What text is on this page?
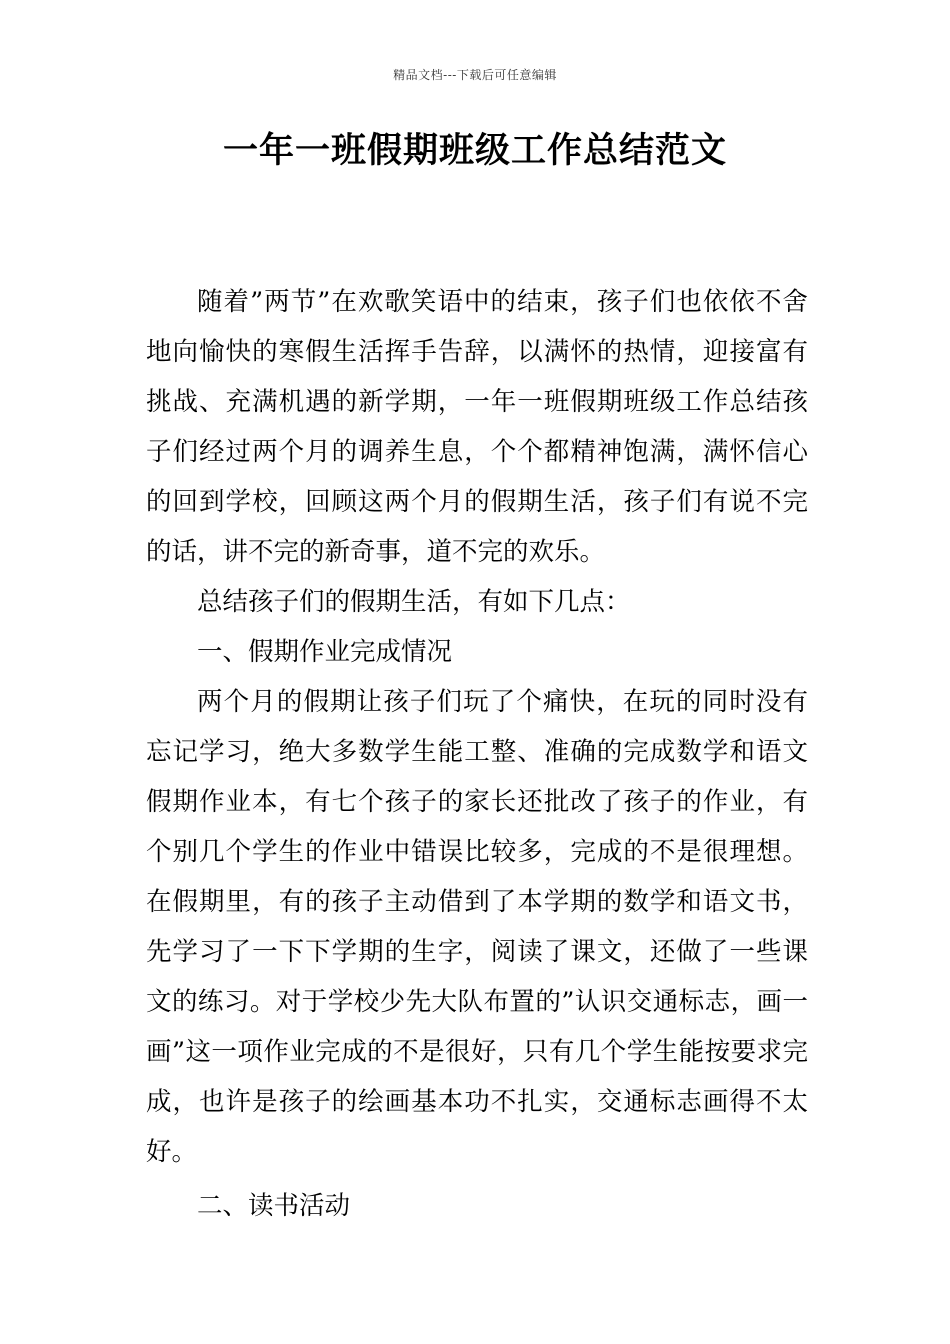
精品文档---下载后可任意编辑
一年一班假期班级工作总结范文

随着”两节”在欢歌笑语中的结束，孩子们也依依不舍地向愉快的寒假生活挥手告辞，以满怀的热情，迎接富有挑战、充满机遇的新学期，一年一班假期班级工作总结孩子们经过两个月的调养生息，个个都精神饱满，满怀信心的回到学校，回顾这两个月的假期生活，孩子们有说不完的话，讲不完的新奇事，道不完的欢乐。

总结孩子们的假期生活，有如下几点：

一、假期作业完成情况

两个月的假期让孩子们玩了个痛快，在玩的同时没有忘记学习，绝大多数学生能工整、准确的完成数学和语文假期作业本，有七个孩子的家长还批改了孩子的作业，有个别几个学生的作业中错误比较多，完成的不是很理想。在假期里，有的孩子主动借到了本学期的数学和语文书，先学习了一下下学期的生字，阅读了课文，还做了一些课文的练习。对于学校少先大队布置的”认识交通标志，画一画”这一项作业完成的不是很好，只有几个学生能按要求完成，也许是孩子的绘画基本功不扎实，交通标志画得不太好。

二、读书活动
